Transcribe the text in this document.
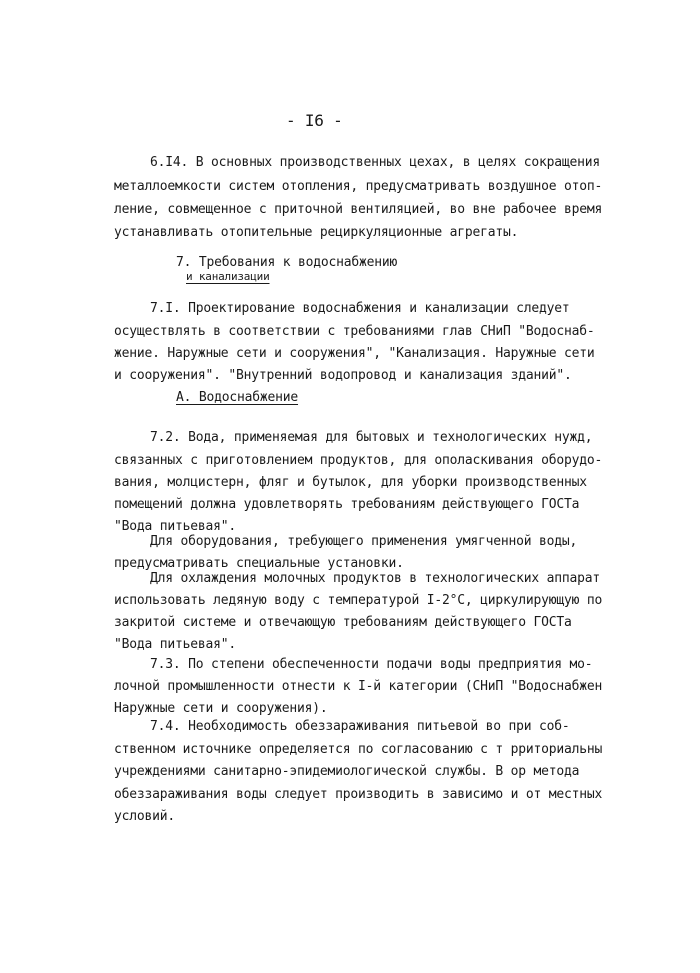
- I6 -
6.I4. В основных производственных цехах, в целях сокращения
металлоемкости систем отопления, предусматривать воздушное отоп-
ление, совмещенное с приточной вентиляцией, во вне рабочее время
устанавливать отопительные рециркуляционные агрегаты.
7. Требования к водоснабжению
и канализации
7.I. Проектирование водоснабжения и канализации следует
осуществлять в соответствии с требованиями глав СНиП "Водоснаб-
жение. Наружные сети и сооружения", "Канализация. Наружные сети
и сооружения". "Внутренний водопровод и канализация зданий".
А. Водоснабжение
7.2. Вода, применяемая для бытовых и технологических нужд,
связанных с приготовлением продуктов, для ополаскивания оборудо-
вания, молцистерн, фляг и бутылок, для уборки производственных
помещений должна удовлетворять требованиям действующего ГОСТа
"Вода питьевая".
Для оборудования, требующего применения умягченной воды,
предусматривать специальные установки.
Для охлаждения молочных продуктов в технологических аппарат
использовать ледяную воду с температурой I-2°С, циркулирующую по
закритой системе и отвечающую требованиям действующего ГОСТа
"Вода питьевая".
7.3. По степени обеспеченности подачи воды предприятия мо-
лочной промышленности отнести к I-й категории (СНиП "Водоснабжен
Наружные сети и сооружения).
7.4. Необходимость обеззараживания питьевой во при соб-
ственном источнике определяется по согласованию с т рриториальны
учреждениями санитарно-эпидемиологической службы. В ор метода
обеззараживания воды следует производить в зависимо и от местных
условий.
